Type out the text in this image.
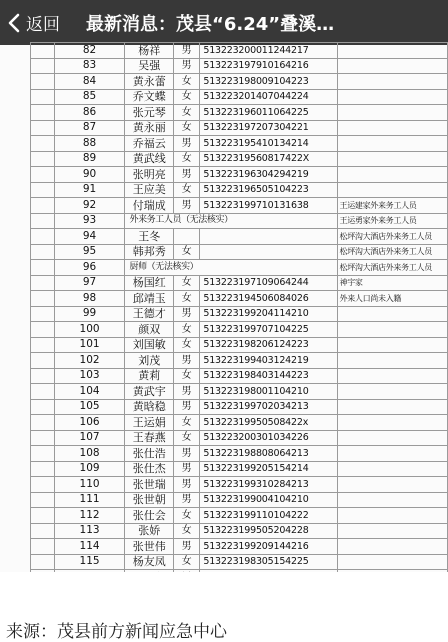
返回 最新消息：茂县“6.24”叠溪…
	82	杨祥	男	513223200011244217	
	83	吴强	男	513223197910164216	
	84	黄永蕾	女	513223198009104223	
	85	乔文蝶	女	513223201407044224	
	86	张元琴	女	513223196011064225	
	87	黄永丽	女	513223197207304221	
	88	乔福云	男	513223195410134214	
	89	黄武线	女	51322319560817422X	
	90	张明亮	男	513223196304294219	
	91	王应美	女	513223196505104223	
	92	付瑞成	男	513223199710131638	王运建家外来务工人员
	93	外来务工人员（无法核实）			王运勇家外来务工人员
	94	王冬			松坪沟大酒店外来务工人员
	95	韩邦秀	女		松坪沟大酒店外来务工人员
	96	厨师（无法核实）			松坪沟大酒店外来务工人员
	97	杨国红	女	513223197109064244	神宇家
	98	邱靖玉	女	513223194506084026	外来人口尚未入籍
	99	王德才	男	513223199204114210	
	100	颜双	女	513223199707104225	
	101	刘国敏	女	513223198206124223	
	102	刘茂	男	513223199403124219	
	103	黄莉	女	513223198403144223	
	104	黄武宇	男	513223198001104210	
	105	黄晗稳	男	513223199702034213	
	106	王运娟	女	51322319950508422x	
	107	王春燕	女	513223200301034226	
	108	张仕浩	男	513223198808064213	
	109	张仕杰	男	513223199205154214	
	110	张世瑞	男	513223199310284213	
	111	张世朝	男	513223199004104210	
	112	张仕会	女	513223199110104222	
	113	张娇	女	513223199505204228	
	114	张世伟	男	513223199209144216	
	115	杨友凤	女	513223198305154225	

来源：茂县前方新闻应急中心
